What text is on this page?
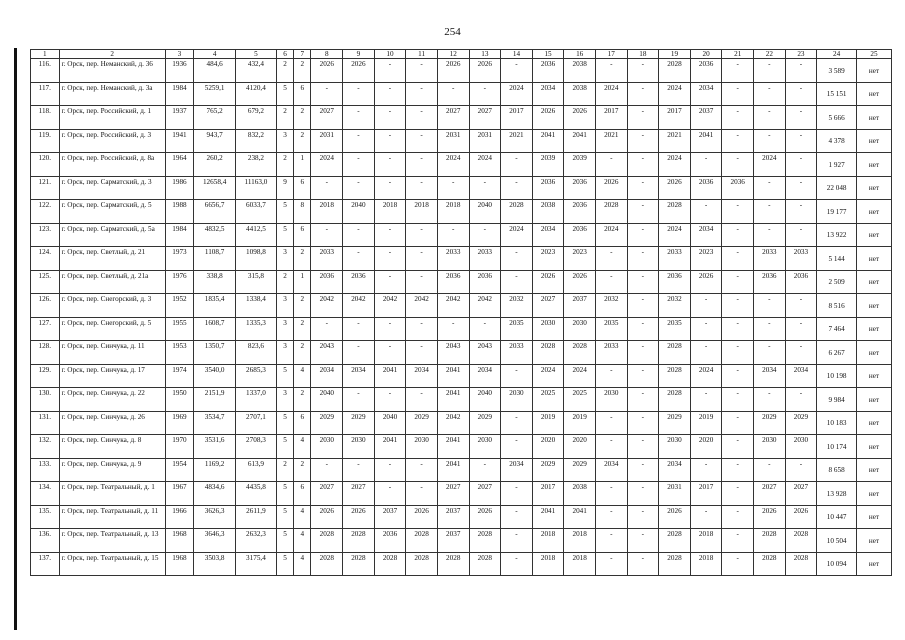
254
1	2	3	4	5	6	7	8	9	10	11	12	13	14	15	16	17	18	19	20	21	22	23	24	25
116.	г. Орск, пер. Неманский, д. 36	1936	484,6	432,4	2	2	2026	2026	-	-	2026	2026	-	2036	2038	-	-	2028	2036	-	-	-	3 589	нет
117.	г. Орск, пер. Неманский, д. 3а	1984	5259,1	4120,4	5	6	-	-	-	-	-	-	2024	2034	2038	2024	-	2024	2034	-	-	-	15 151	нет
118.	г. Орск, пер. Российский, д. 1	1937	765,2	679,2	2	2	2027	-	-	-	2027	2027	2017	2026	2026	2017	-	2017	2037	-	-	-	5 666	нет
119.	г. Орск, пер. Российский, д. 3	1941	943,7	832,2	3	2	2031	-	-	-	2031	2031	2021	2041	2041	2021	-	2021	2041	-	-	-	4 378	нет
120.	г. Орск, пер. Российский, д. 8а	1964	260,2	238,2	2	1	2024	-	-	-	2024	2024	-	2039	2039	-	-	2024	-	-	2024	-	1 927	нет
121.	г. Орск, пер. Сарматский, д. 3	1986	12658,4	11163,0	9	6	-	-	-	-	-	-	-	2036	2036	2026	-	2026	2036	2036	-	-	22 048	нет
122.	г. Орск, пер. Сарматский, д. 5	1988	6656,7	6033,7	5	8	2018	2040	2018	2018	2018	2040	2028	2038	2036	2028	-	2028	-	-	-	-	19 177	нет
123.	г. Орск, пер. Сарматский, д. 5а	1984	4832,5	4412,5	5	6	-	-	-	-	-	-	2024	2034	2036	2024	-	2024	2034	-	-	-	13 922	нет
124.	г. Орск, пер. Светлый, д. 21	1973	1108,7	1098,8	3	2	2033	-	-	-	2033	2033	-	2023	2023	-	-	2033	2023	-	2033	2033	5 144	нет
125.	г. Орск, пер. Светлый, д. 21а	1976	338,8	315,8	2	1	2036	2036	-	-	2036	2036	-	2026	2026	-	-	2036	2026	-	2036	2036	2 509	нет
126.	г. Орск, пер. Снегорский, д. 3	1952	1835,4	1338,4	3	2	2042	2042	2042	2042	2042	2042	2032	2027	2037	2032	-	2032	-	-	-	-	8 516	нет
127.	г. Орск, пер. Снегорский, д. 5	1955	1608,7	1335,3	3	2	-	-	-	-	-	-	2035	2030	2030	2035	-	2035	-	-	-	-	7 464	нет
128.	г. Орск, пер. Синчука, д. 11	1953	1350,7	823,6	3	2	2043	-	-	-	2043	2043	2033	2028	2028	2033	-	2028	-	-	-	-	6 267	нет
129.	г. Орск, пер. Синчука, д. 17	1974	3540,0	2685,3	5	4	2034	2034	2041	2034	2041	2034	-	2024	2024	-	-	2028	2024	-	2034	2034	10 198	нет
130.	г. Орск, пер. Синчука, д. 22	1950	2151,9	1337,0	3	2	2040	-	-	-	2041	2040	2030	2025	2025	2030	-	2028	-	-	-	-	9 984	нет
131.	г. Орск, пер. Синчука, д. 26	1969	3534,7	2707,1	5	6	2029	2029	2040	2029	2042	2029	-	2019	2019	-	-	2029	2019	-	2029	2029	10 183	нет
132.	г. Орск, пер. Синчука, д. 8	1970	3531,6	2708,3	5	4	2030	2030	2041	2030	2041	2030	-	2020	2020	-	-	2030	2020	-	2030	2030	10 174	нет
133.	г. Орск, пер. Синчука, д. 9	1954	1169,2	613,9	2	2	-	-	-	-	2041	-	2034	2029	2029	2034	-	2034	-	-	-	-	8 658	нет
134.	г. Орск, пер. Театральный, д. 1	1967	4834,6	4435,8	5	6	2027	2027	-	-	2027	2027	-	2017	2038	-	-	2031	2017	-	2027	2027	13 928	нет
135.	г. Орск, пер. Театральный, д. 11	1966	3626,3	2611,9	5	4	2026	2026	2037	2026	2037	2026	-	2041	2041	-	-	2026	-	-	2026	2026	10 447	нет
136.	г. Орск, пер. Театральный, д. 13	1968	3646,3	2632,3	5	4	2028	2028	2036	2028	2037	2028	-	2018	2018	-	-	2028	2018	-	2028	2028	10 504	нет
137.	г. Орск, пер. Театральный, д. 15	1968	3503,8	3175,4	5	4	2028	2028	2028	2028	2028	2028	-	2018	2018	-	-	2028	2018	-	2028	2028	10 094	нет
